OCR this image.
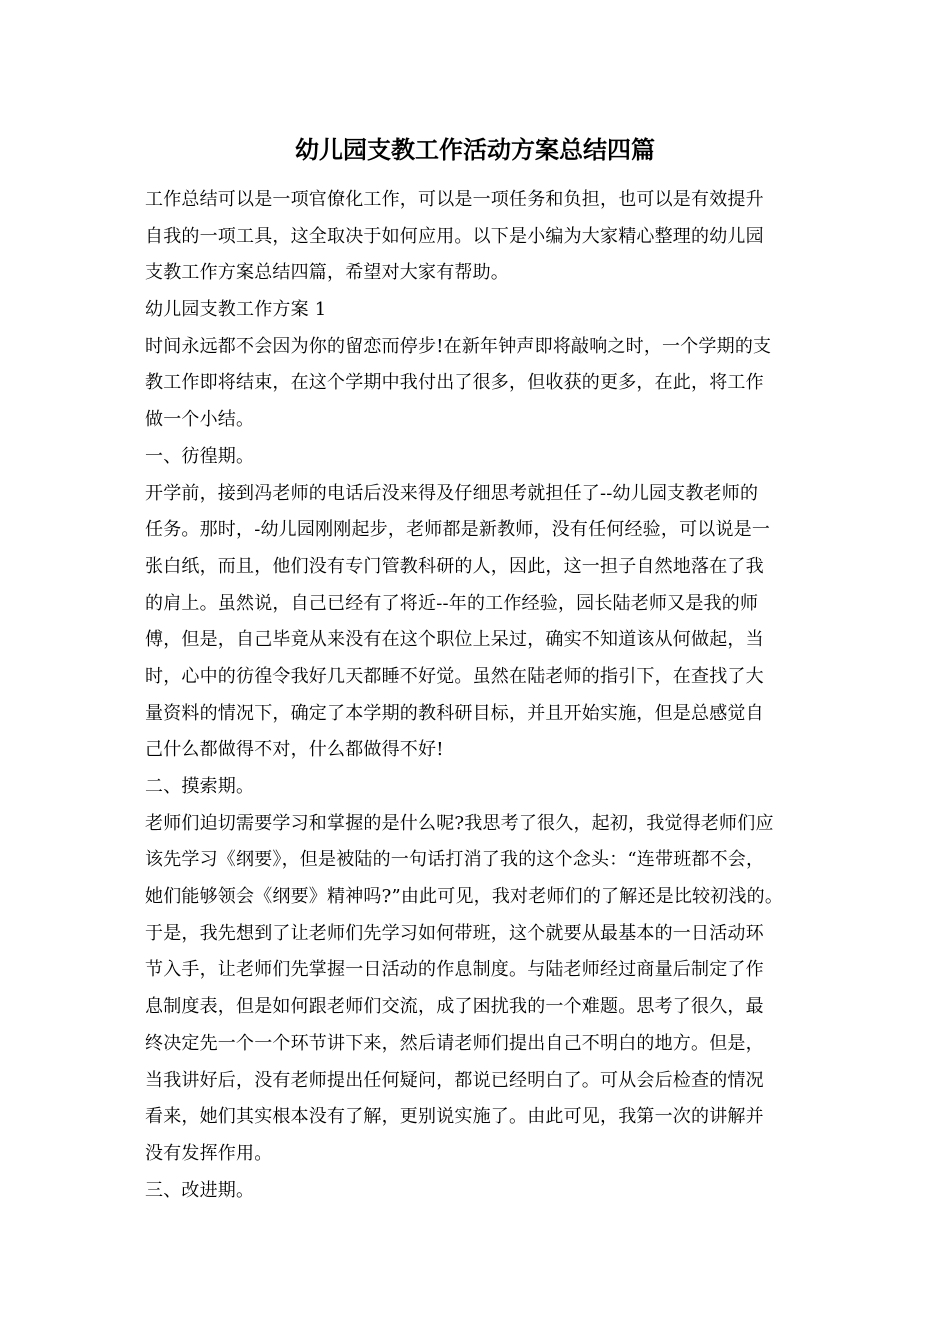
幼儿园支教工作活动方案总结四篇
工作总结可以是一项官僚化工作，可以是一项任务和负担，也可以是有效提升
自我的一项工具，这全取决于如何应用。以下是小编为大家精心整理的幼儿园
支教工作方案总结四篇，希望对大家有帮助。
幼儿园支教工作方案 1
时间永远都不会因为你的留恋而停步!在新年钟声即将敲响之时，一个学期的支
教工作即将结束，在这个学期中我付出了很多，但收获的更多，在此，将工作
做一个小结。
一、彷徨期。
开学前，接到冯老师的电话后没来得及仔细思考就担任了--幼儿园支教老师的
任务。那时，-幼儿园刚刚起步，老师都是新教师，没有任何经验，可以说是一
张白纸，而且，他们没有专门管教科研的人，因此，这一担子自然地落在了我
的肩上。虽然说，自己已经有了将近--年的工作经验，园长陆老师又是我的师
傅，但是，自己毕竟从来没有在这个职位上呆过，确实不知道该从何做起，当
时，心中的彷徨令我好几天都睡不好觉。虽然在陆老师的指引下，在查找了大
量资料的情况下，确定了本学期的教科研目标，并且开始实施，但是总感觉自
己什么都做得不对，什么都做得不好!
二、摸索期。
老师们迫切需要学习和掌握的是什么呢?我思考了很久，起初，我觉得老师们应
该先学习《纲要》，但是被陆的一句话打消了我的这个念头：“连带班都不会，
她们能够领会《纲要》精神吗?”由此可见，我对老师们的了解还是比较初浅的。
于是，我先想到了让老师们先学习如何带班，这个就要从最基本的一日活动环
节入手，让老师们先掌握一日活动的作息制度。与陆老师经过商量后制定了作
息制度表，但是如何跟老师们交流，成了困扰我的一个难题。思考了很久，最
终决定先一个一个环节讲下来，然后请老师们提出自己不明白的地方。但是，
当我讲好后，没有老师提出任何疑问，都说已经明白了。可从会后检查的情况
看来，她们其实根本没有了解，更别说实施了。由此可见，我第一次的讲解并
没有发挥作用。
三、改进期。
